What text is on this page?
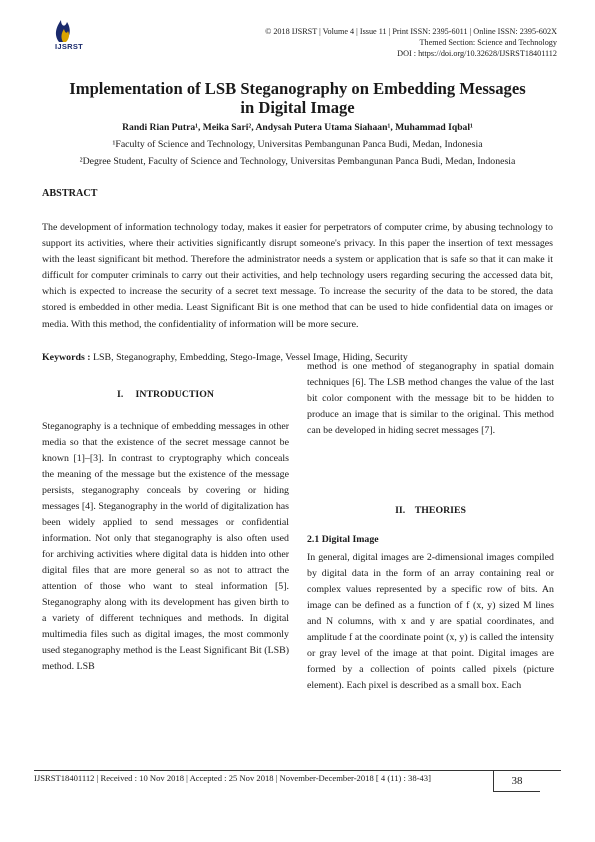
IJSRST
© 2018 IJSRST | Volume 4 | Issue 11 | Print ISSN: 2395-6011 | Online ISSN: 2395-602X
Themed Section: Science and Technology
DOI : https://doi.org/10.32628/IJSRST18401112
Implementation of LSB Steganography on Embedding Messages
in Digital Image
Randi Rian Putra¹, Meika Sari², Andysah Putera Utama Siahaan¹, Muhammad Iqbal¹
¹Faculty of Science and Technology, Universitas Pembangunan Panca Budi, Medan, Indonesia
²Degree Student, Faculty of Science and Technology, Universitas Pembangunan Panca Budi, Medan, Indonesia
ABSTRACT
The development of information technology today, makes it easier for perpetrators of computer crime, by abusing technology to support its activities, where their activities significantly disrupt someone's privacy. In this paper the insertion of text messages with the least significant bit method. Therefore the administrator needs a system or application that is safe so that it can make it difficult for computer criminals to carry out their activities, and help technology users regarding securing the accessed data bit, which is expected to increase the security of a secret text message. To increase the security of the data to be stored, the data stored is embedded in other media. Least Significant Bit is one method that can be used to hide confidential data on images or media. With this method, the confidentiality of information will be more secure.
Keywords : LSB, Steganography, Embedding, Stego-Image, Vessel Image, Hiding, Security
I.     INTRODUCTION
Steganography is a technique of embedding messages in other media so that the existence of the secret message cannot be known [1]–[3]. In contrast to cryptography which conceals the meaning of the message but the existence of the message persists, steganography conceals by covering or hiding messages [4]. Steganography in the world of digitalization has been widely applied to send messages or confidential information. Not only that steganography is also often used for archiving activities where digital data is hidden into other digital files that are more general so as not to attract the attention of those who want to steal information [5]. Steganography along with its development has given birth to a variety of different techniques and methods. In digital multimedia files such as digital images, the most commonly used steganography method is the Least Significant Bit (LSB) method. LSB
method is one method of steganography in spatial domain techniques [6]. The LSB method changes the value of the last bit color component with the message bit to be hidden to produce an image that is similar to the original. This method can be developed in hiding secret messages [7].
II.    THEORIES
2.1 Digital Image
In general, digital images are 2-dimensional images compiled by digital data in the form of an array containing real or complex values represented by a specific row of bits. An image can be defined as a function of f (x, y) sized M lines and N columns, with x and y are spatial coordinates, and amplitude f at the coordinate point (x, y) is called the intensity or gray level of the image at that point. Digital images are formed by a collection of points called pixels (picture element). Each pixel is described as a small box. Each
IJSRST18401112 | Received : 10 Nov 2018 | Accepted : 25 Nov 2018 | November-December-2018 [ 4 (11) : 38-43]	38
